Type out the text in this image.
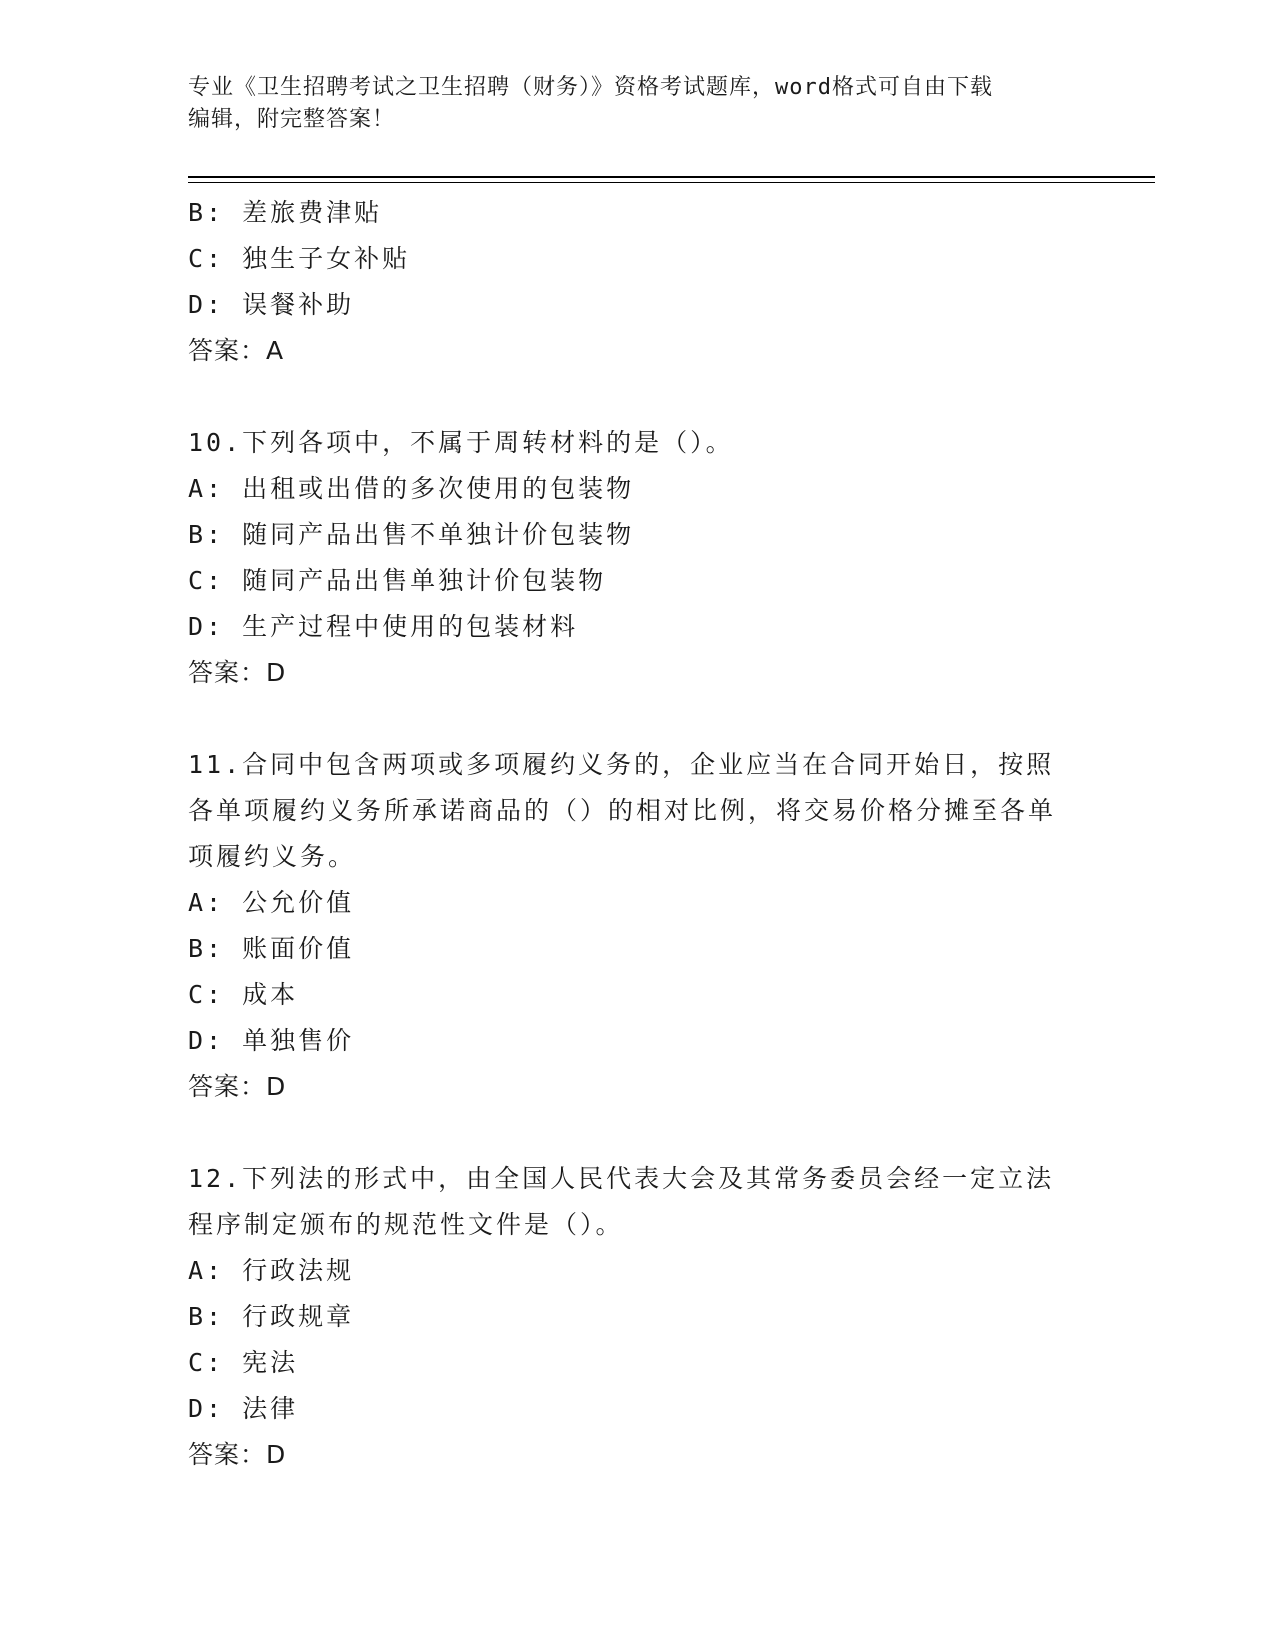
专业《卫生招聘考试之卫生招聘（财务）》资格考试题库，word格式可自由下载
编辑，附完整答案！
B: 差旅费津贴
C: 独生子女补贴
D: 误餐补助
答案：A
10.下列各项中，不属于周转材料的是（）。
A: 出租或出借的多次使用的包装物
B: 随同产品出售不单独计价包装物
C: 随同产品出售单独计价包装物
D: 生产过程中使用的包装材料
答案：D
11.合同中包含两项或多项履约义务的，企业应当在合同开始日，按照各单项履约义务所承诺商品的（）的相对比例，将交易价格分摊至各单项履约义务。
A: 公允价值
B: 账面价值
C: 成本
D: 单独售价
答案：D
12.下列法的形式中，由全国人民代表大会及其常务委员会经一定立法程序制定颁布的规范性文件是（）。
A: 行政法规
B: 行政规章
C: 宪法
D: 法律
答案：D
